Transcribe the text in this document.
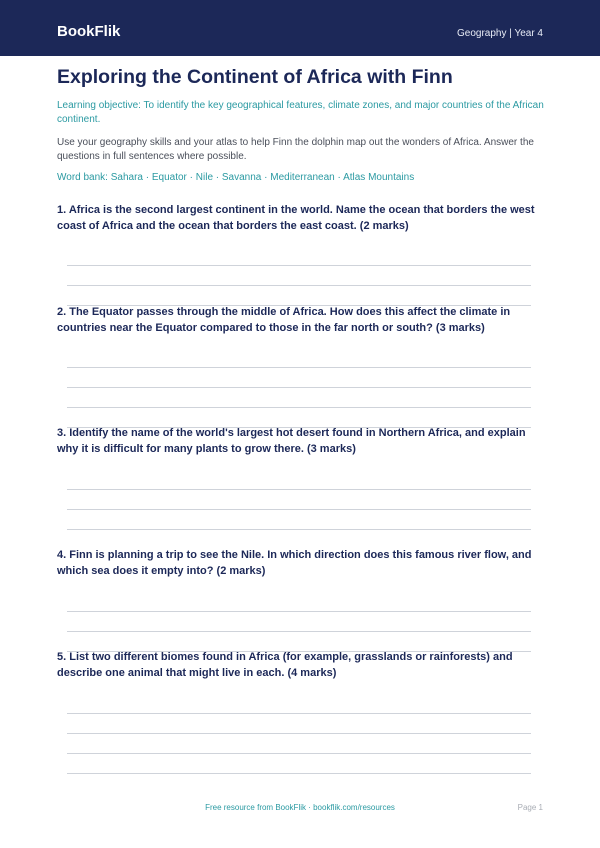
BookFlik	Geography | Year 4
Exploring the Continent of Africa with Finn

Learning objective: To identify the key geographical features, climate zones, and major countries of the African continent.

Use your geography skills and your atlas to help Finn the dolphin map out the wonders of Africa. Answer the questions in full sentences where possible.

Word bank: Sahara · Equator · Nile · Savanna · Mediterranean · Atlas Mountains

1. Africa is the second largest continent in the world. Name the ocean that borders the west coast of Africa and the ocean that borders the east coast. (2 marks)

2. The Equator passes through the middle of Africa. How does this affect the climate in countries near the Equator compared to those in the far north or south? (3 marks)

3. Identify the name of the world's largest hot desert found in Northern Africa, and explain why it is difficult for many plants to grow there. (3 marks)

4. Finn is planning a trip to see the Nile. In which direction does this famous river flow, and which sea does it empty into? (2 marks)

5. List two different biomes found in Africa (for example, grasslands or rainforests) and describe one animal that might live in each. (4 marks)

Free resource from BookFlik · bookflik.com/resources	Page 1
